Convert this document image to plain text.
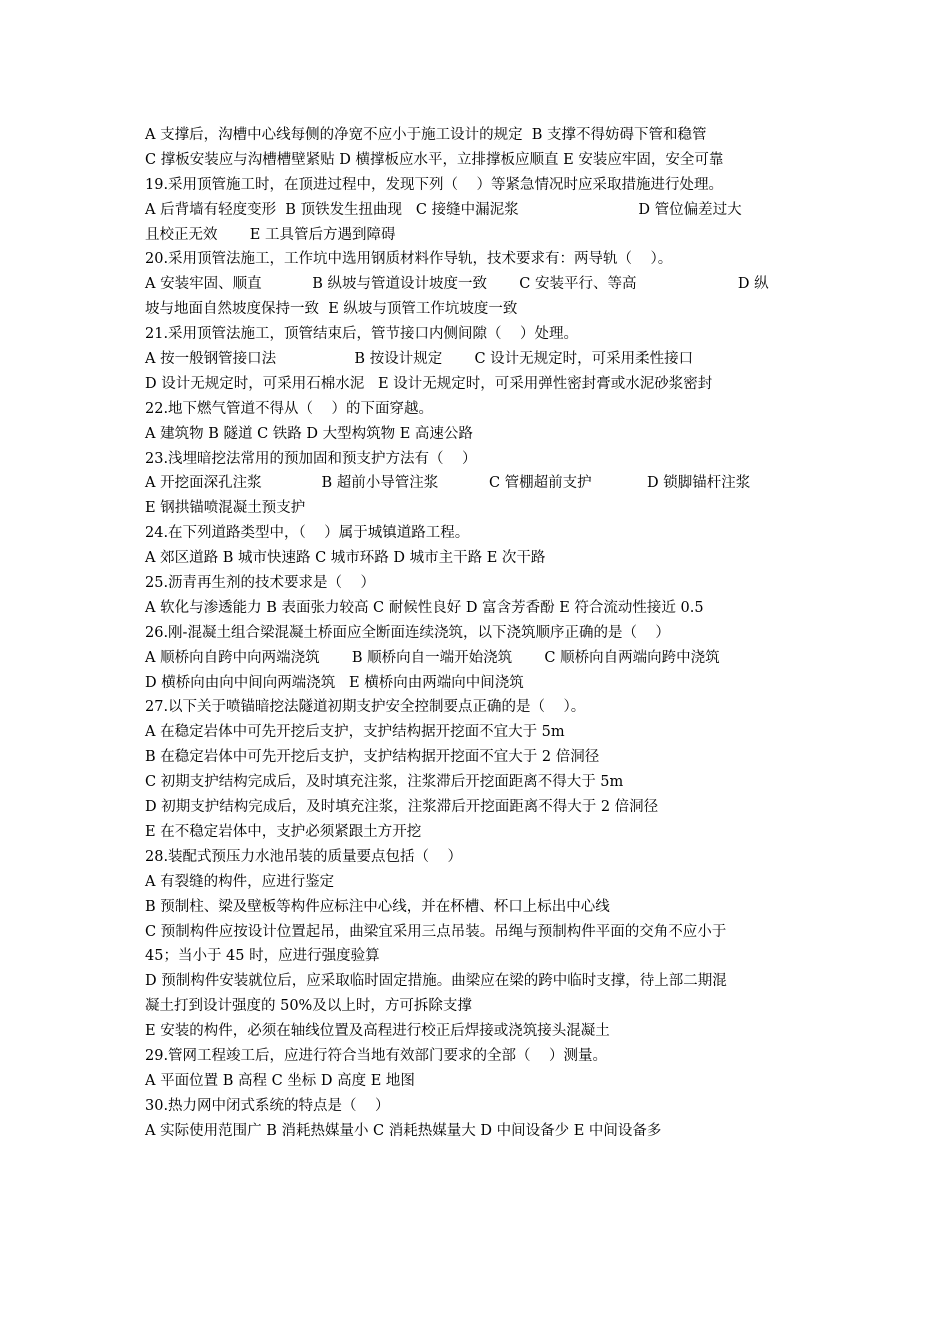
A 支撑后，沟槽中心线每侧的净宽不应小于施工设计的规定  B 支撑不得妨碍下管和稳管
C 撑板安装应与沟槽槽壁紧贴 D 横撑板应水平，立排撑板应顺直 E 安装应牢固，安全可靠
19.采用顶管施工时，在顶进过程中，发现下列（    ）等紧急情况时应采取措施进行处理。
A 后背墙有轻度变形  B 顶铁发生扭曲现   C 接缝中漏泥浆                          D 管位偏差过大
且校正无效       E 工具管后方遇到障碍
20.采用顶管法施工，工作坑中选用钢质材料作导轨，技术要求有：两导轨（    ）。
A 安装牢固、顺直           B 纵坡与管道设计坡度一致       C 安装平行、等高                      D 纵
坡与地面自然坡度保持一致  E 纵坡与顶管工作坑坡度一致
21.采用顶管法施工，顶管结束后，管节接口内侧间隙（    ）处理。
A 按一般钢管接口法                 B 按设计规定       C 设计无规定时，可采用柔性接口
D 设计无规定时，可采用石棉水泥   E 设计无规定时，可采用弹性密封膏或水泥砂浆密封
22.地下燃气管道不得从（    ）的下面穿越。
A 建筑物 B 隧道 C 铁路 D 大型构筑物 E 高速公路
23.浅埋暗挖法常用的预加固和预支护方法有（    ）
A 开挖面深孔注浆             B 超前小导管注浆           C 管棚超前支护            D 锁脚锚杆注浆
E 钢拱锚喷混凝土预支护
24.在下列道路类型中，（    ）属于城镇道路工程。
A 郊区道路 B 城市快速路 C 城市环路 D 城市主干路 E 次干路
25.沥青再生剂的技术要求是（    ）
A 软化与渗透能力 B 表面张力较高 C 耐候性良好 D 富含芳香酚 E 符合流动性接近 0.5
26.刚-混凝土组合梁混凝土桥面应全断面连续浇筑，以下浇筑顺序正确的是（    ）
A 顺桥向自跨中向两端浇筑       B 顺桥向自一端开始浇筑       C 顺桥向自两端向跨中浇筑
D 横桥向由向中间向两端浇筑   E 横桥向由两端向中间浇筑
27.以下关于喷锚暗挖法隧道初期支护安全控制要点正确的是（    ）。
A 在稳定岩体中可先开挖后支护，支护结构据开挖面不宜大于 5m
B 在稳定岩体中可先开挖后支护，支护结构据开挖面不宜大于 2 倍洞径
C 初期支护结构完成后，及时填充注浆，注浆滞后开挖面距离不得大于 5m
D 初期支护结构完成后，及时填充注浆，注浆滞后开挖面距离不得大于 2 倍洞径
E 在不稳定岩体中，支护必须紧跟土方开挖
28.装配式预压力水池吊装的质量要点包括（    ）
A 有裂缝的构件，应进行鉴定
B 预制柱、梁及壁板等构件应标注中心线，并在杯槽、杯口上标出中心线
C 预制构件应按设计位置起吊，曲梁宜采用三点吊装。吊绳与预制构件平面的交角不应小于
45；当小于 45 时，应进行强度验算
D 预制构件安装就位后，应采取临时固定措施。曲梁应在梁的跨中临时支撑，待上部二期混
凝土打到设计强度的 50%及以上时，方可拆除支撑
E 安装的构件，必须在轴线位置及高程进行校正后焊接或浇筑接头混凝土
29.管网工程竣工后，应进行符合当地有效部门要求的全部（    ）测量。
A 平面位置 B 高程 C 坐标 D 高度 E 地图
30.热力网中闭式系统的特点是（    ）
A 实际使用范围广 B 消耗热媒量小 C 消耗热媒量大 D 中间设备少 E 中间设备多
